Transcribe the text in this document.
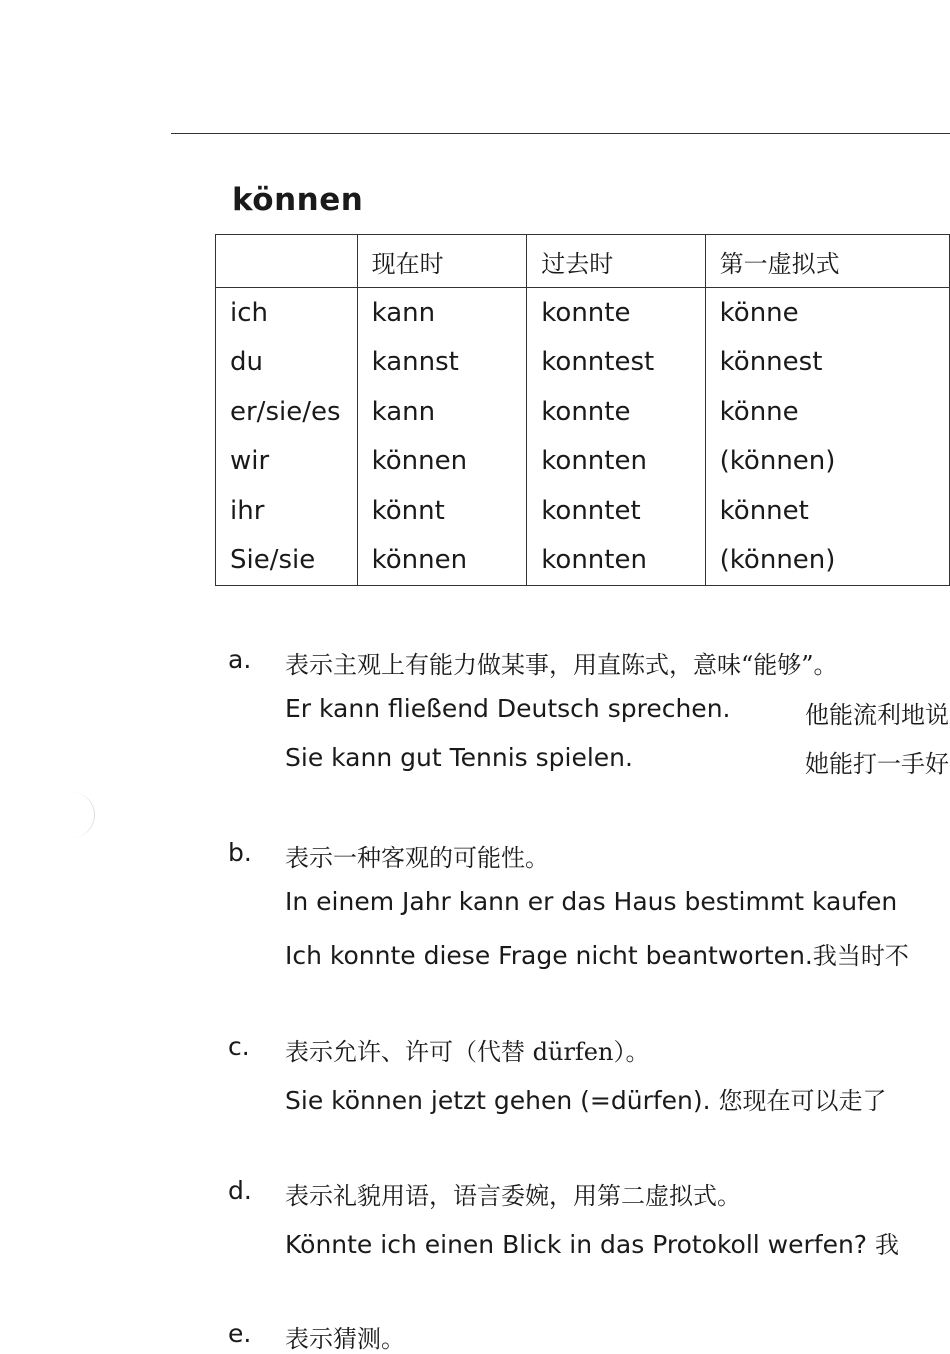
können
	现在时	过去时	第一虚拟式
ich	kann	konnte	könne
du	kannst	konntest	könnest
er/sie/es	kann	konnte	könne
wir	können	konnten	(können)
ihr	könnt	konntet	könnet
Sie/sie	können	konnten	(können)
a. 表示主观上有能力做某事，用直陈式，意味“能够”。
Er kann fließend Deutsch sprechen.	他能流利地说
Sie kann gut Tennis spielen.	她能打一手好
b. 表示一种客观的可能性。
In einem Jahr kann er das Haus bestimmt kaufen
Ich konnte diese Frage nicht beantworten.我当时不
c. 表示允许、许可（代替 dürfen）。
Sie können jetzt gehen (=dürfen). 您现在可以走了
d. 表示礼貌用语，语言委婉，用第二虚拟式。
Könnte ich einen Blick in das Protokoll werfen? 我
e. 表示猜测。
